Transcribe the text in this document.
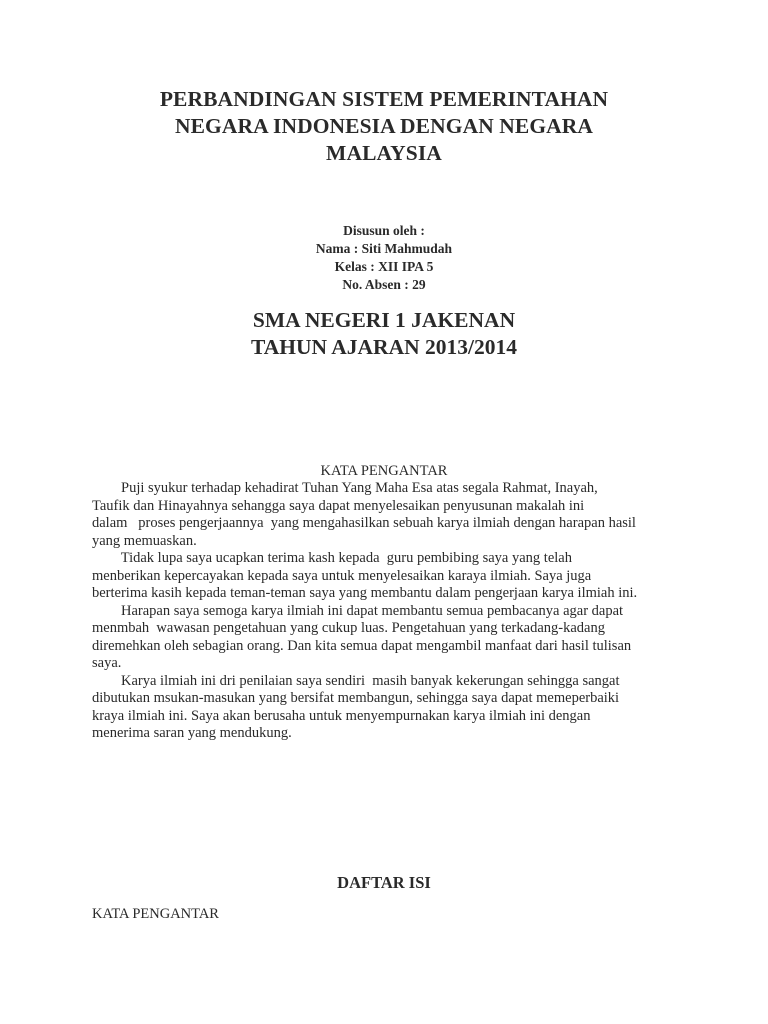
PERBANDINGAN SISTEM PEMERINTAHAN
NEGARA INDONESIA DENGAN NEGARA
MALAYSIA
Disusun oleh :
Nama : Siti Mahmudah
Kelas : XII IPA 5
No. Absen : 29
SMA NEGERI 1 JAKENAN
TAHUN AJARAN 2013/2014
KATA PENGANTAR
Puji syukur terhadap kehadirat Tuhan Yang Maha Esa atas segala Rahmat, Inayah,
Taufik dan Hinayahnya sehangga saya dapat menyelesaikan penyusunan makalah ini
dalam   proses pengerjaannya  yang mengahasilkan sebuah karya ilmiah dengan harapan hasil
yang memuaskan.
Tidak lupa saya ucapkan terima kash kepada  guru pembibing saya yang telah
menberikan kepercayakan kepada saya untuk menyelesaikan karaya ilmiah. Saya juga
berterima kasih kepada teman-teman saya yang membantu dalam pengerjaan karya ilmiah ini.
Harapan saya semoga karya ilmiah ini dapat membantu semua pembacanya agar dapat
menmbah  wawasan pengetahuan yang cukup luas. Pengetahuan yang terkadang-kadang
diremehkan oleh sebagian orang. Dan kita semua dapat mengambil manfaat dari hasil tulisan
saya.
Karya ilmiah ini dri penilaian saya sendiri  masih banyak kekerungan sehingga sangat
dibutukan msukan-masukan yang bersifat membangun, sehingga saya dapat memeperbaiki
kraya ilmiah ini. Saya akan berusaha untuk menyempurnakan karya ilmiah ini dengan
menerima saran yang mendukung.
DAFTAR ISI
KATA PENGANTAR
